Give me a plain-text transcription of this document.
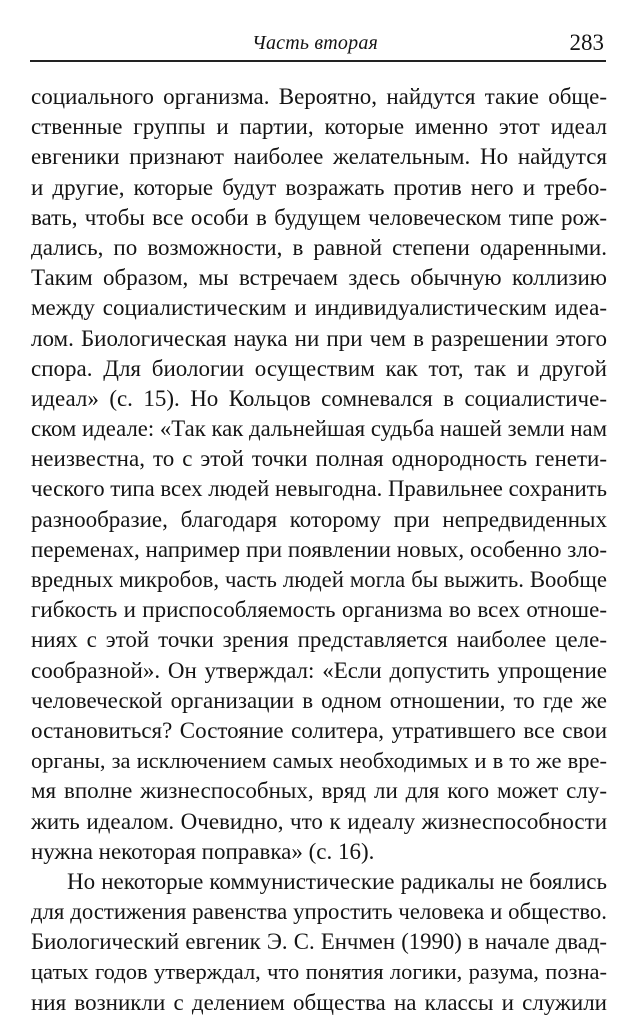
Часть вторая	283
социального организма. Вероятно, найдутся такие обще-
ственные группы и партии, которые именно этот идеал
евгеники признают наиболее желательным. Но найдутся
и другие, которые будут возражать против него и требо-
вать, чтобы все особи в будущем человеческом типе рож-
дались, по возможности, в равной степени одаренными.
Таким образом, мы встречаем здесь обычную коллизию
между социалистическим и индивидуалистическим идеа-
лом. Биологическая наука ни при чем в разрешении этого
спора. Для биологии осуществим как тот, так и другой
идеал» (с. 15). Но Кольцов сомневался в социалистиче-
ском идеале: «Так как дальнейшая судьба нашей земли нам
неизвестна, то с этой точки полная однородность генети-
ческого типа всех людей невыгодна. Правильнее сохранить
разнообразие, благодаря которому при непредвиденных
переменах, например при появлении новых, особенно зло-
вредных микробов, часть людей могла бы выжить. Вообще
гибкость и приспособляемость организма во всех отноше-
ниях с этой точки зрения представляется наиболее целе-
сообразной». Он утверждал: «Если допустить упрощение
человеческой организации в одном отношении, то где же
остановиться? Состояние солитера, утратившего все свои
органы, за исключением самых необходимых и в то же вре-
мя вполне жизнеспособных, вряд ли для кого может слу-
жить идеалом. Очевидно, что к идеалу жизнеспособности
нужна некоторая поправка» (с. 16).
Но некоторые коммунистические радикалы не боялись
для достижения равенства упростить человека и общество.
Биологический евгеник Э. С. Енчмен (1990) в начале двад-
цатых годов утверждал, что понятия логики, разума, позна-
ния возникли с делением общества на классы и служили
